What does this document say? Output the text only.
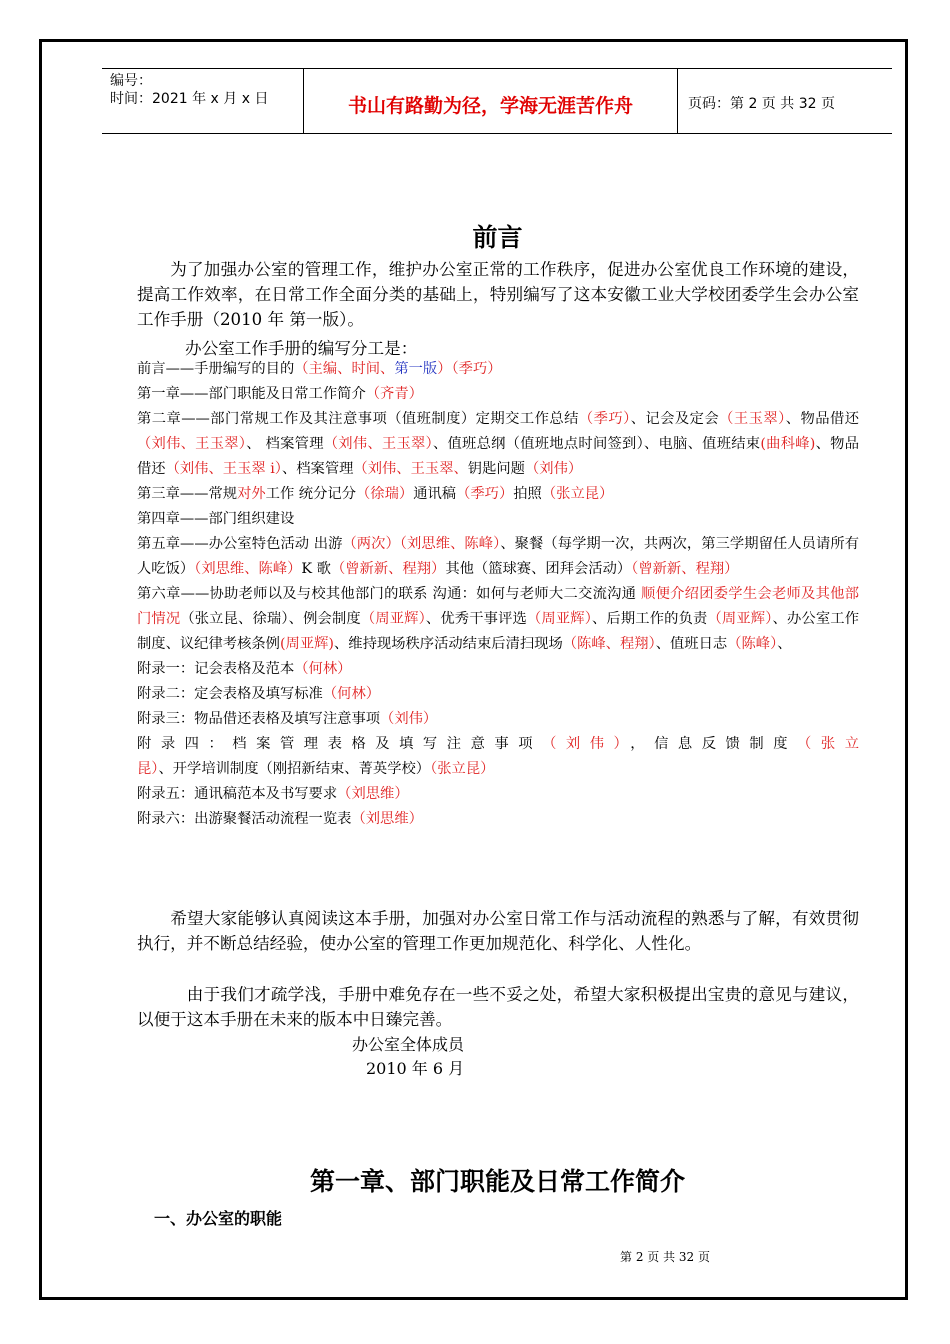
编号：
时间：2021 年 x 月 x 日	书山有路勤为径，学海无涯苦作舟	页码：第 2 页 共 32 页
前言
为了加强办公室的管理工作，维护办公室正常的工作秩序，促进办公室优良工作环境的建设，提高工作效率，在日常工作全面分类的基础上，特别编写了这本安徽工业大学校团委学生会办公室工作手册（2010 年 第一版）。
办公室工作手册的编写分工是：
前言——手册编写的目的（主编、时间、第一版）（季巧）
第一章——部门职能及日常工作简介（齐青）
第二章——部门常规工作及其注意事项（值班制度）定期交工作总结（季巧）、记会及定会（王玉翠）、物品借还（刘伟、王玉翠）、 档案管理（刘伟、王玉翠）、值班总纲（值班地点时间签到）、电脑、值班结束(曲科峰)、物品借还（刘伟、王玉翠 i）、档案管理（刘伟、王玉翠、钥匙问题（刘伟）
第三章——常规对外工作 统分记分（徐瑞）通讯稿（季巧）拍照（张立昆）
第四章——部门组织建设
第五章——办公室特色活动 出游（两次）（刘思维、陈峰）、聚餐（每学期一次，共两次，第三学期留任人员请所有人吃饭）（刘思维、陈峰）K 歌（曾新新、程翔）其他（篮球赛、团拜会活动）（曾新新、程翔）
第六章——协助老师以及与校其他部门的联系 沟通：如何与老师大二交流沟通 顺便介绍团委学生会老师及其他部门情况（张立昆、徐瑞）、例会制度（周亚辉）、优秀干事评选（周亚辉）、后期工作的负责（周亚辉）、办公室工作制度、议纪律考核条例(周亚辉)、维持现场秩序活动结束后清扫现场（陈峰、程翔）、值班日志（陈峰）、
附录一：记会表格及范本（何林）
附录二：定会表格及填写标准（何林）
附录三：物品借还表格及填写注意事项（刘伟）
附录四：档案管理表格及填写注意事项（刘伟），信息反馈制度（张立昆）、开学培训制度（刚招新结束、菁英学校）（张立昆）
附录五：通讯稿范本及书写要求（刘思维）
附录六：出游聚餐活动流程一览表（刘思维）
希望大家能够认真阅读这本手册，加强对办公室日常工作与活动流程的熟悉与了解，有效贯彻执行，并不断总结经验，使办公室的管理工作更加规范化、科学化、人性化。
由于我们才疏学浅，手册中难免存在一些不妥之处，希望大家积极提出宝贵的意见与建议，以便于这本手册在未来的版本中日臻完善。
办公室全体成员
2010 年 6 月
第一章、部门职能及日常工作简介
一、办公室的职能
第 2 页 共 32 页
